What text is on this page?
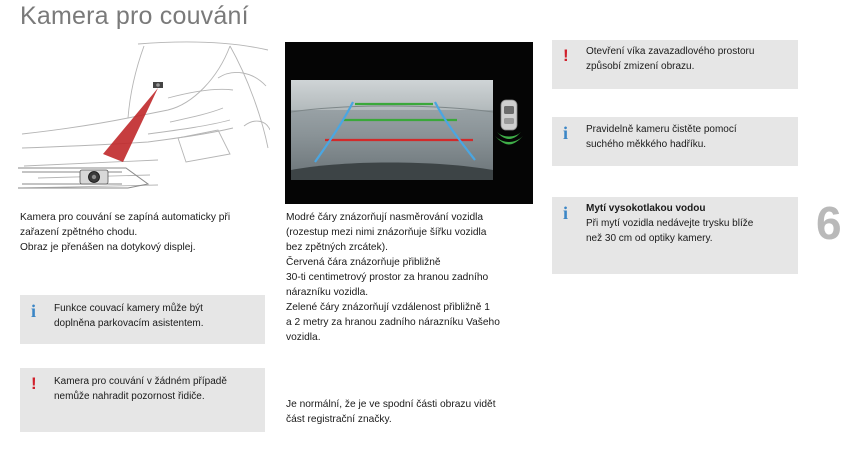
Kamera pro couvání
Kamera pro couvání se zapíná automaticky při
zařazení zpětného chodu.
Obraz je přenášen na dotykový displej.
i Funkce couvací kamery může být
doplněna parkovacím asistentem.
! Kamera pro couvání v žádném případě
nemůže nahradit pozornost řidiče.
Modré čáry znázorňují nasměrování vozidla
(rozestup mezi nimi znázorňuje šířku vozidla
bez zpětných zrcátek).
Červená čára znázorňuje přibližně
30-ti centimetrový prostor za hranou zadního
nárazníku vozidla.
Zelené čáry znázorňují vzdálenost přibližně 1
a 2 metry za hranou zadního nárazníku Vašeho
vozidla.
Je normální, že je ve spodní části obrazu vidět
část registrační značky.
! Otevření víka zavazadlového prostoru
způsobí zmizení obrazu.
i Pravidelně kameru čistěte pomocí
suchého měkkého hadříku.
i Mytí vysokotlakou vodou
Při mytí vozidla nedávejte trysku blíže
než 30 cm od optiky kamery.	6
